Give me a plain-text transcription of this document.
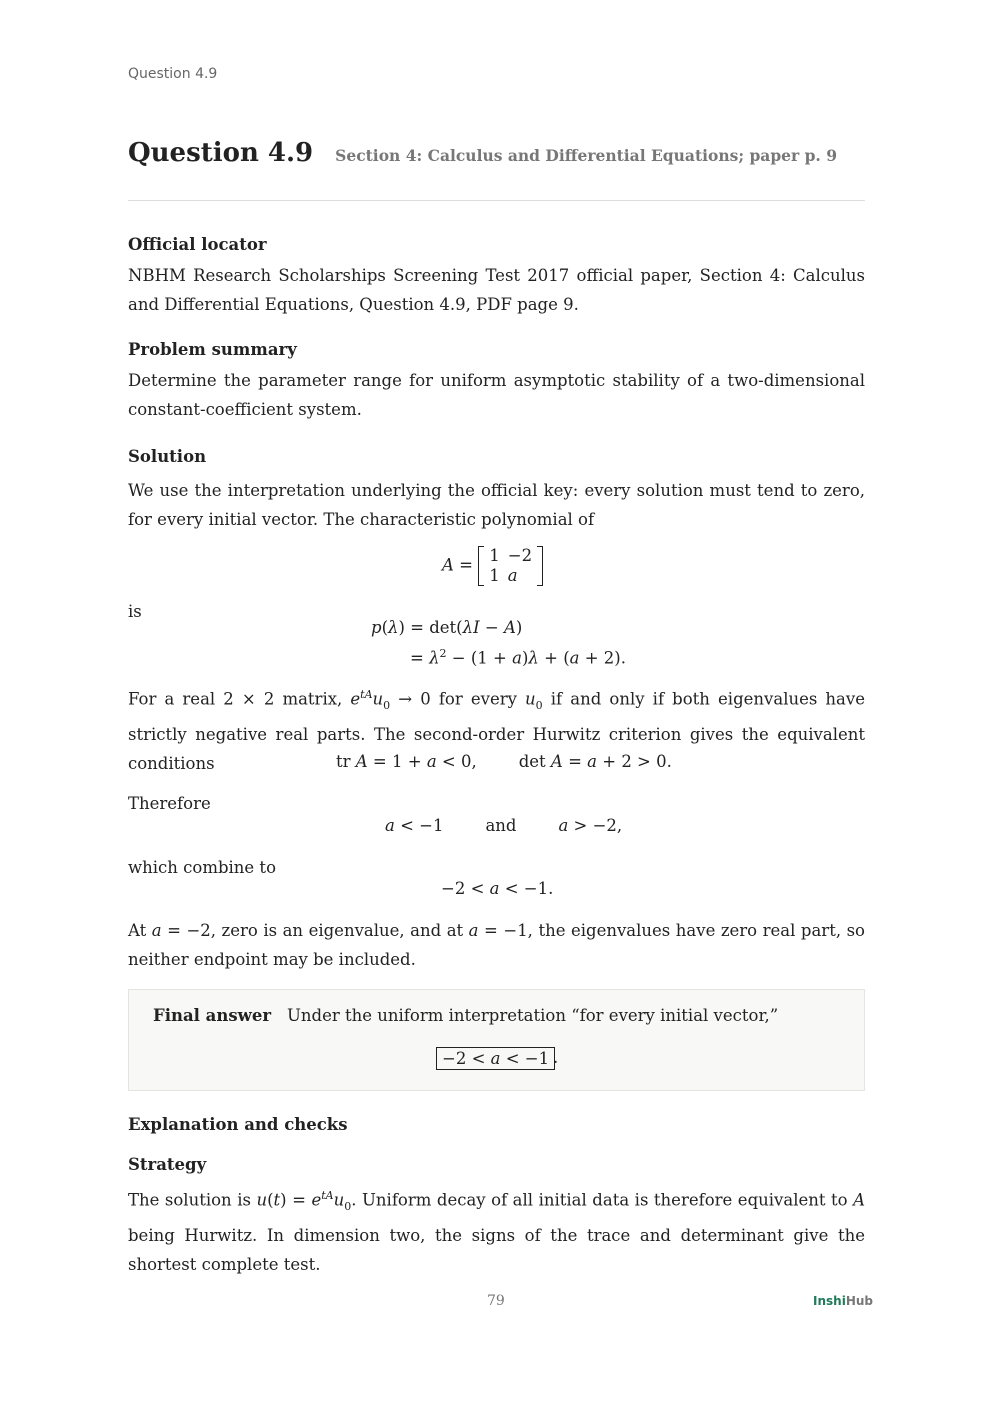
Question 4.9
Question 4.9 Section 4: Calculus and Differential Equations; paper p. 9
Official locator
NBHM Research Scholarships Screening Test 2017 official paper, Section 4: Calculus and Differential Equations, Question 4.9, PDF page 9.
Problem summary
Determine the parameter range for uniform asymptotic stability of a two-dimensional constant-coefficient system.
Solution
We use the interpretation underlying the official key: every solution must tend to zero, for every initial vector. The characteristic polynomial of
A = 1	−2
1	a
is
p(λ) = det(λI − A)
= $\lambda^2 - (1 + a)\lambda + (a + 2)$.
For a real 2 × 2 matrix, $e^{tA}u_0 \to 0$ for every $u_0$ if and only if both eigenvalues have strictly negative real parts. The second-order Hurwitz criterion gives the equivalent conditions	tr A = 1 + a < 0,        det A = a + 2 > 0.
Therefore
a < −1        and	a > −2,
which combine to
−2 < a < −1.
At a = −2, zero is an eigenvalue, and at a = −1, the eigenvalues have zero real part, so neither endpoint may be included.
Final answer Under the uniform interpretation “for every initial vector,”
−2 < a < −1 .
Explanation and checks
Strategy
The solution is $u(t) = e^{tA}u_0$. Uniform decay of all initial data is therefore equivalent to A being Hurwitz. In dimension two, the signs of the trace and determinant give the shortest complete test.
79	InshiHub
